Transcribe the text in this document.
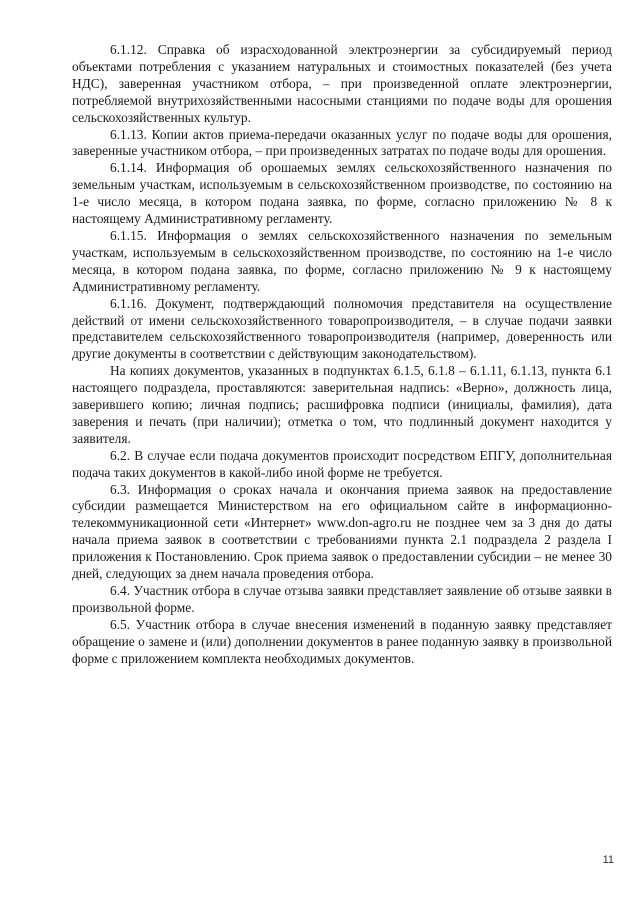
6.1.12. Справка об израсходованной электроэнергии за субсидируемый период объектами потребления с указанием натуральных и стоимостных показателей (без учета НДС), заверенная участником отбора, – при произведенной оплате электроэнергии, потребляемой внутрихозяйственными насосными станциями по подаче воды для орошения сельскохозяйственных культур.

6.1.13. Копии актов приема-передачи оказанных услуг по подаче воды для орошения, заверенные участником отбора, – при произведенных затратах по подаче воды для орошения.

6.1.14. Информация об орошаемых землях сельскохозяйственного назначения по земельным участкам, используемым в сельскохозяйственном производстве, по состоянию на 1-е число месяца, в котором подана заявка, по форме, согласно приложению № 8 к настоящему Административному регламенту.

6.1.15. Информация о землях сельскохозяйственного назначения по земельным участкам, используемым в сельскохозяйственном производстве, по состоянию на 1-е число месяца, в котором подана заявка, по форме, согласно приложению № 9 к настоящему Административному регламенту.

6.1.16. Документ, подтверждающий полномочия представителя на осуществление действий от имени сельскохозяйственного товаропроизводителя, – в случае подачи заявки представителем сельскохозяйственного товаропроизводителя (например, доверенность или другие документы в соответствии с действующим законодательством).

На копиях документов, указанных в подпунктах 6.1.5, 6.1.8 – 6.1.11, 6.1.13, пункта 6.1 настоящего подраздела, проставляются: заверительная надпись: «Верно», должность лица, заверившего копию; личная подпись; расшифровка подписи (инициалы, фамилия), дата заверения и печать (при наличии); отметка о том, что подлинный документ находится у заявителя.

6.2. В случае если подача документов происходит посредством ЕПГУ, дополнительная подача таких документов в какой-либо иной форме не требуется.

6.3. Информация о сроках начала и окончания приема заявок на предоставление субсидии размещается Министерством на его официальном сайте в информационно-телекоммуникационной сети «Интернет» www.don-agro.ru не позднее чем за 3 дня до даты начала приема заявок в соответствии с требованиями пункта 2.1 подраздела 2 раздела I приложения к Постановлению. Срок приема заявок о предоставлении субсидии – не менее 30 дней, следующих за днем начала проведения отбора.

6.4. Участник отбора в случае отзыва заявки представляет заявление об отзыве заявки в произвольной форме.

6.5. Участник отбора в случае внесения изменений в поданную заявку представляет обращение о замене и (или) дополнении документов в ранее поданную заявку в произвольной форме с приложением комплекта необходимых документов.

11
